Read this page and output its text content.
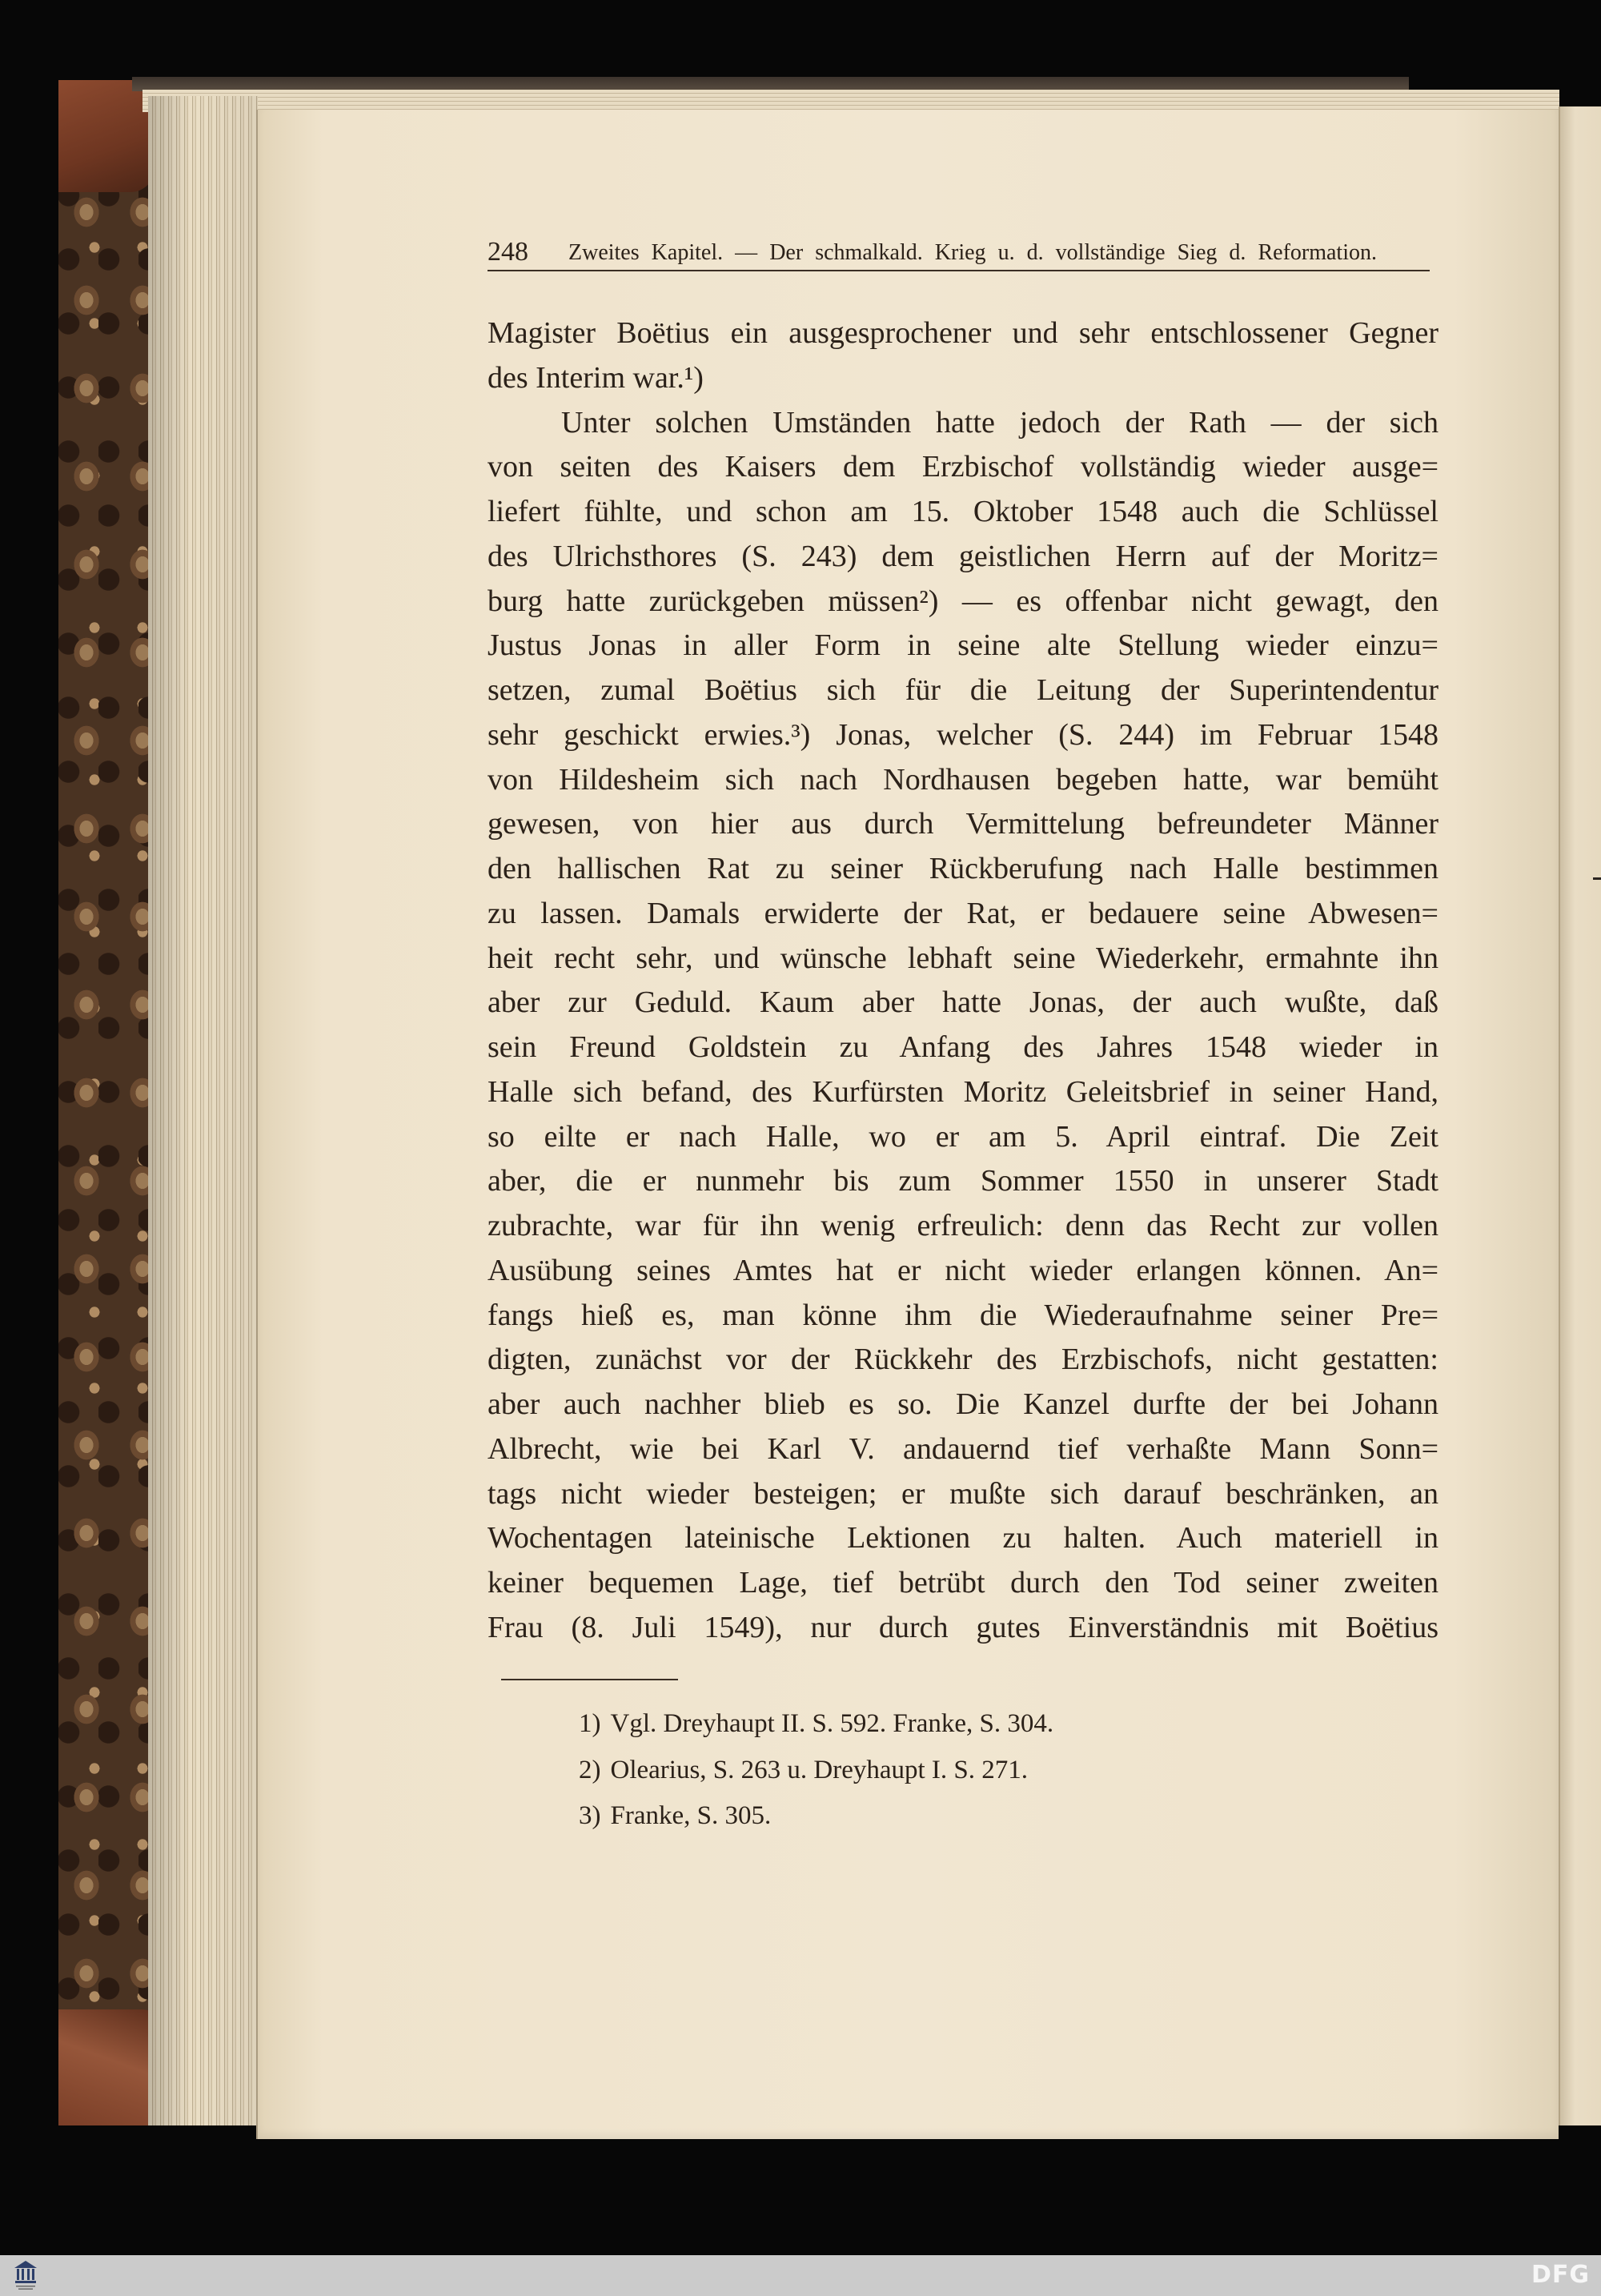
248 Zweites Kapitel. — Der schmalkald. Krieg u. d. vollständige Sieg d. Reformation.
Magister Boëtius ein ausgesprochener und sehr entschlossener Gegner
des Interim war.¹)
Unter solchen Umständen hatte jedoch der Rath — der sich
von seiten des Kaisers dem Erzbischof vollständig wieder ausge=
liefert fühlte, und schon am 15. Oktober 1548 auch die Schlüssel
des Ulrichsthores (S. 243) dem geistlichen Herrn auf der Moritz=
burg hatte zurückgeben müssen²) — es offenbar nicht gewagt, den
Justus Jonas in aller Form in seine alte Stellung wieder einzu=
setzen, zumal Boëtius sich für die Leitung der Superintendentur
sehr geschickt erwies.³) Jonas, welcher (S. 244) im Februar 1548
von Hildesheim sich nach Nordhausen begeben hatte, war bemüht
gewesen, von hier aus durch Vermittelung befreundeter Männer
den hallischen Rat zu seiner Rückberufung nach Halle bestimmen
zu lassen. Damals erwiderte der Rat, er bedauere seine Abwesen=
heit recht sehr, und wünsche lebhaft seine Wiederkehr, ermahnte ihn
aber zur Geduld. Kaum aber hatte Jonas, der auch wußte, daß
sein Freund Goldstein zu Anfang des Jahres 1548 wieder in
Halle sich befand, des Kurfürsten Moritz Geleitsbrief in seiner Hand,
so eilte er nach Halle, wo er am 5. April eintraf. Die Zeit
aber, die er nunmehr bis zum Sommer 1550 in unserer Stadt
zubrachte, war für ihn wenig erfreulich: denn das Recht zur vollen
Ausübung seines Amtes hat er nicht wieder erlangen können. An=
fangs hieß es, man könne ihm die Wiederaufnahme seiner Pre=
digten, zunächst vor der Rückkehr des Erzbischofs, nicht gestatten:
aber auch nachher blieb es so. Die Kanzel durfte der bei Johann
Albrecht, wie bei Karl V. andauernd tief verhaßte Mann Sonn=
tags nicht wieder besteigen; er mußte sich darauf beschränken, an
Wochentagen lateinische Lektionen zu halten. Auch materiell in
keiner bequemen Lage, tief betrübt durch den Tod seiner zweiten
Frau (8. Juli 1549), nur durch gutes Einverständnis mit Boëtius
1) Vgl. Dreyhaupt II. S. 592. Franke, S. 304.
2) Olearius, S. 263 u. Dreyhaupt I. S. 271.
3) Franke, S. 305.
DFG
